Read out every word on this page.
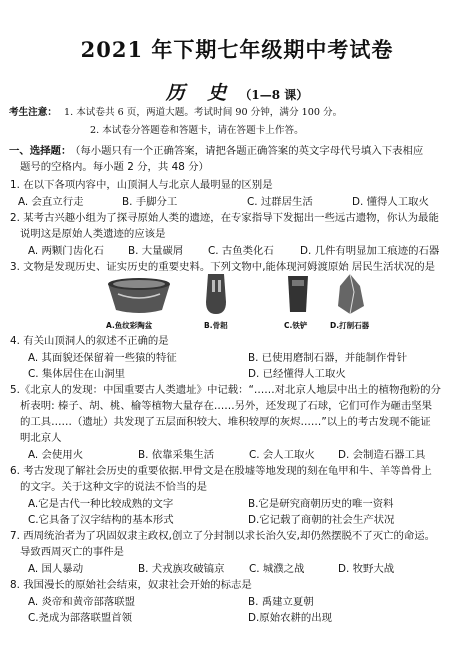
2021 年下期七年级期中考试卷
历 史 （1—8 课）
考生注意： 1. 本试卷共 6 页，两道大题。考试时间 90 分钟，满分 100 分。
2. 本试卷分答题卷和答题卡，请在答题卡上作答。
一、选择题：
（每小题只有一个正确答案，请把各题正确答案的英文字母代号填入下表相应
题号的空格内。每小题 2 分，共 48 分）
1. 在以下各项内容中，山顶洞人与北京人最明显的区别是
A. 会直立行走	B. 手脚分工	C. 过群居生活	D. 懂得人工取火
2. 某考古兴趣小组为了探寻原始人类的遗迹，在专家指导下发掘出一些远古遗物，你认为最能
说明这是原始人类遗迹的应该是
A. 两颗门齿化石 B. 大量碳屑 C. 古鱼类化石	D. 几件有明显加工痕迹的石器
3. 文物是发现历史、证实历史的重要史料。下列文物中,能体现河姆渡原始 居民生活状况的是
A.鱼纹彩陶盆	B.骨耜	C.铁铲	D.打制石器
4. 有关山顶洞人的叙述不正确的是
A. 其面貌还保留着一些猿的特征	B. 已使用磨制石器，并能制作骨针
C. 集体居住在山洞里	D. 已经懂得人工取火
5.《北京人的发现：中国重要古人类遗址》中记载：“……对北京人地层中出土的植物孢粉的分
析表明: 榛子、胡、桃、榆等植物大量存在……另外，还发现了石球，它们可作为砸击坚果
的工具……（遗址）共发现了五层面积较大、堆积较厚的灰烬……”以上的考古发现不能证
明北京人
A. 会使用火	B. 依靠采集生活	C. 会人工取火 D. 会制造石器工具
6. 考古发现了解社会历史的重要依据.甲骨文是在殷墟等地发现的刻在龟甲和牛、羊等兽骨上
的文字。关于这种文字的说法不恰当的是
A.它是古代一种比较成熟的文字	B.它是研究商朝历史的唯一资料
C.它具备了汉字结构的基本形式	D.它记载了商朝的社会生产状况
7. 西周统治者为了巩固奴隶主政权,创立了分封制以求长治久安,却仍然摆脱不了灭亡的命运。
导致西周灭亡的事件是
A. 国人暴动	B. 犬戎族攻破镐京 C. 城濮之战	D. 牧野大战
8. 我国漫长的原始社会结束，奴隶社会开始的标志是
A. 炎帝和黄帝部落联盟	B. 禹建立夏朝
C.尧成为部落联盟首领	D.原始农耕的出现
